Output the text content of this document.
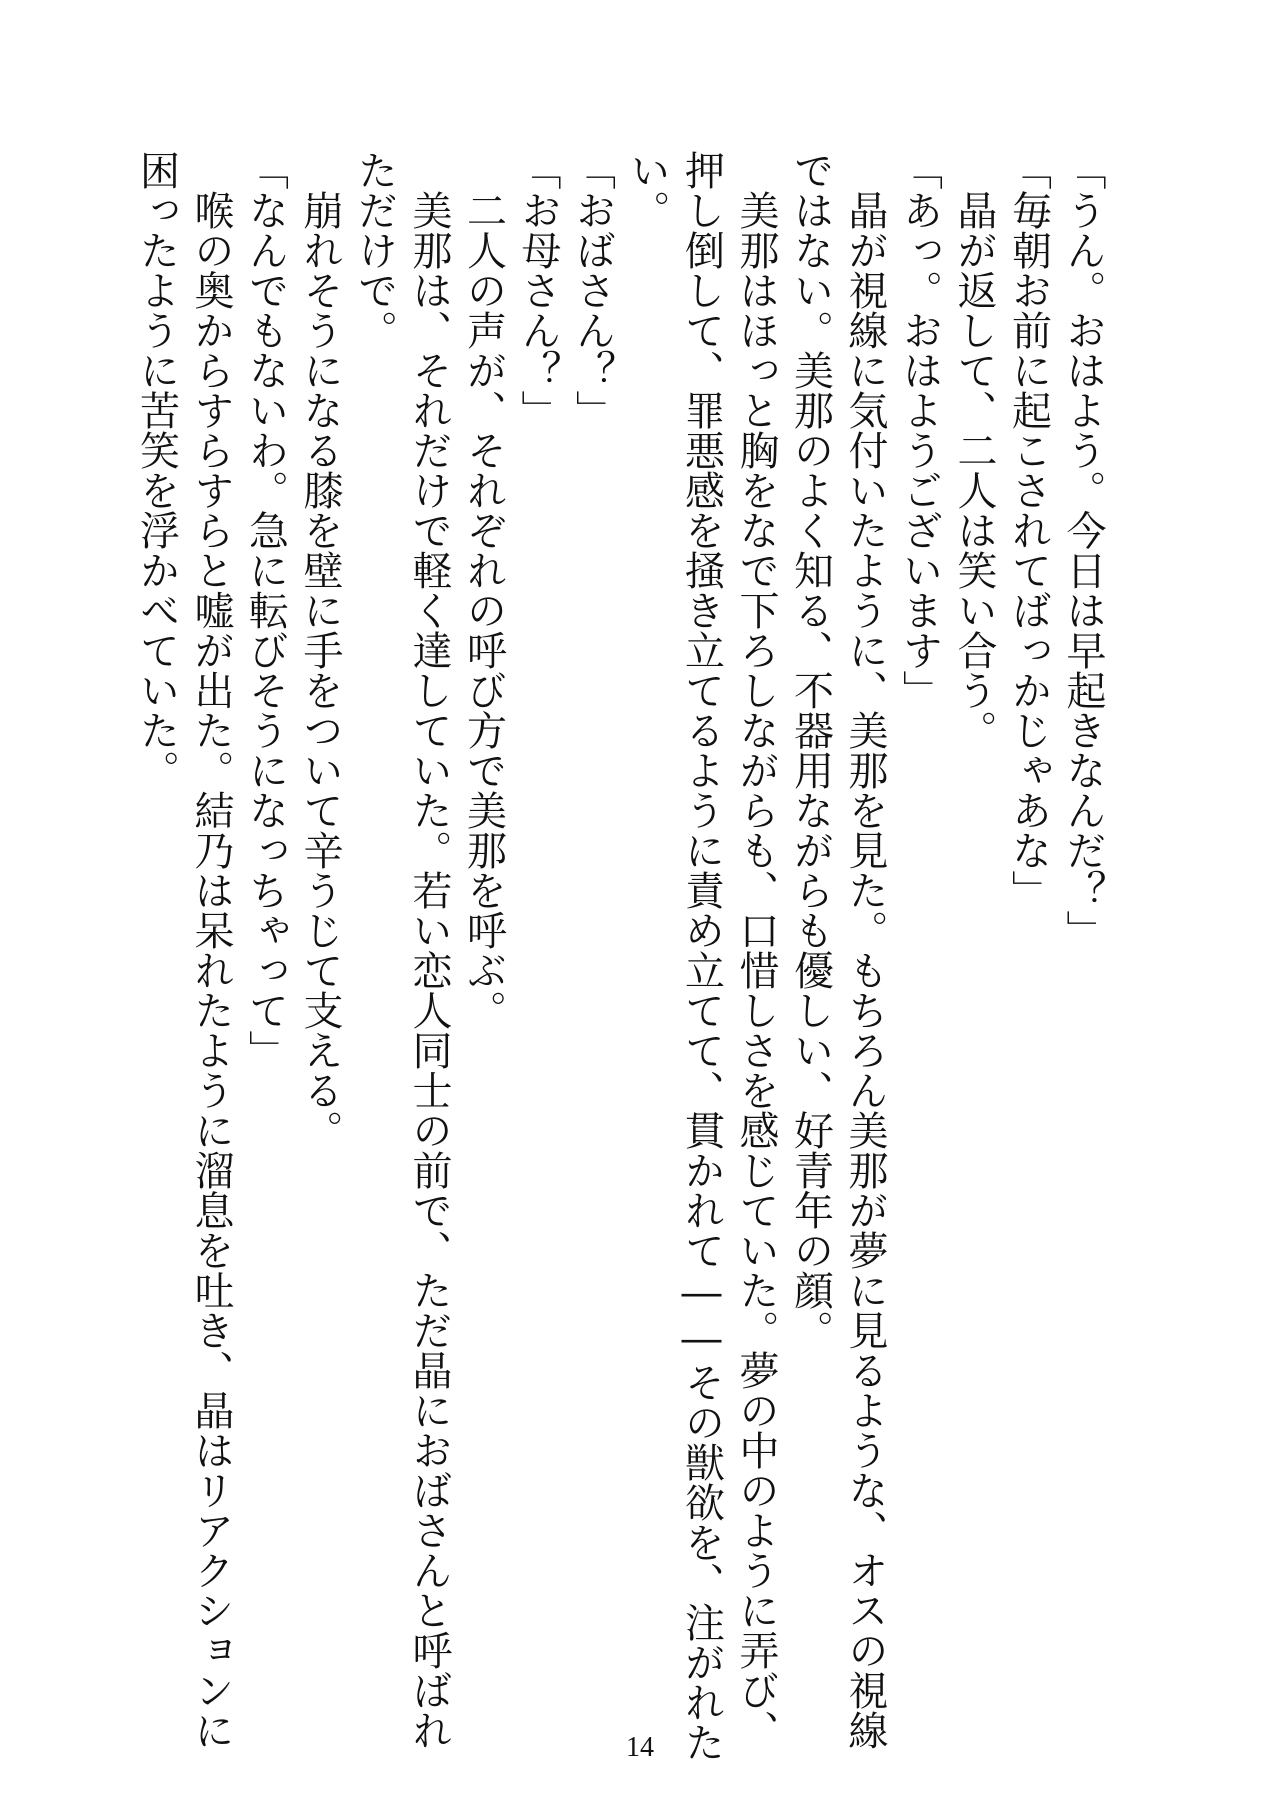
「うん。おはよう。今日は早起きなんだ？」
「毎朝お前に起こされてばっかじゃあな」
　晶が返して、二人は笑い合う。
「あっ。おはようございます」
　晶が視線に気付いたように、美那を見た。もちろん美那が夢に見るような、オスの視線
ではない。美那のよく知る、不器用ながらも優しい、好青年の顔。
　美那はほっと胸をなで下ろしながらも、口惜しさを感じていた。夢の中のように弄び、
押し倒して、罪悪感を掻き立てるように責め立てて、貫かれて――その獣欲を、注がれた
い。
「おばさん？」
「お母さん？」
　二人の声が、それぞれの呼び方で美那を呼ぶ。
　美那は、それだけで軽く達していた。若い恋人同士の前で、ただ晶におばさんと呼ばれ
ただけで。
　崩れそうになる膝を壁に手をついて辛うじて支える。
「なんでもないわ。急に転びそうになっちゃって」
　喉の奥からすらすらと嘘が出た。結乃は呆れたように溜息を吐き、晶はリアクションに
困ったように苦笑を浮かべていた。
14
